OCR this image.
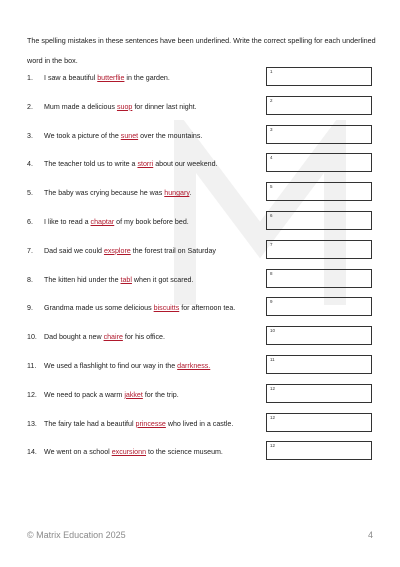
The spelling mistakes in these sentences have been underlined. Write the correct spelling for each underlined word in the box.
1. I saw a beautiful butterflie in the garden.
1
2. Mum made a delicious suop for dinner last night.
2
3. We took a picture of the sunet over the mountains.
3
4. The teacher told us to write a storri about our weekend.
4
5. The baby was crying because he was hungary.
5
6. I like to read a chaptar of my book before bed.
6
7. Dad said we could exsplore the forest trail on Saturday
7
8. The kitten hid under the tabl when it got scared.
8
9. Grandma made us some delicious biscuitts for afternoon tea.
9
10. Dad bought a new chaire for his office.
10
11. We used a flashlight to find our way in the darrkness.
11
12. We need to pack a warm jakket for the trip.
12
13. The fairy tale had a beautiful princesse who lived in a castle.
12
14. We went on a school excursionn to the science museum.
12
© Matrix Education 2025	4
